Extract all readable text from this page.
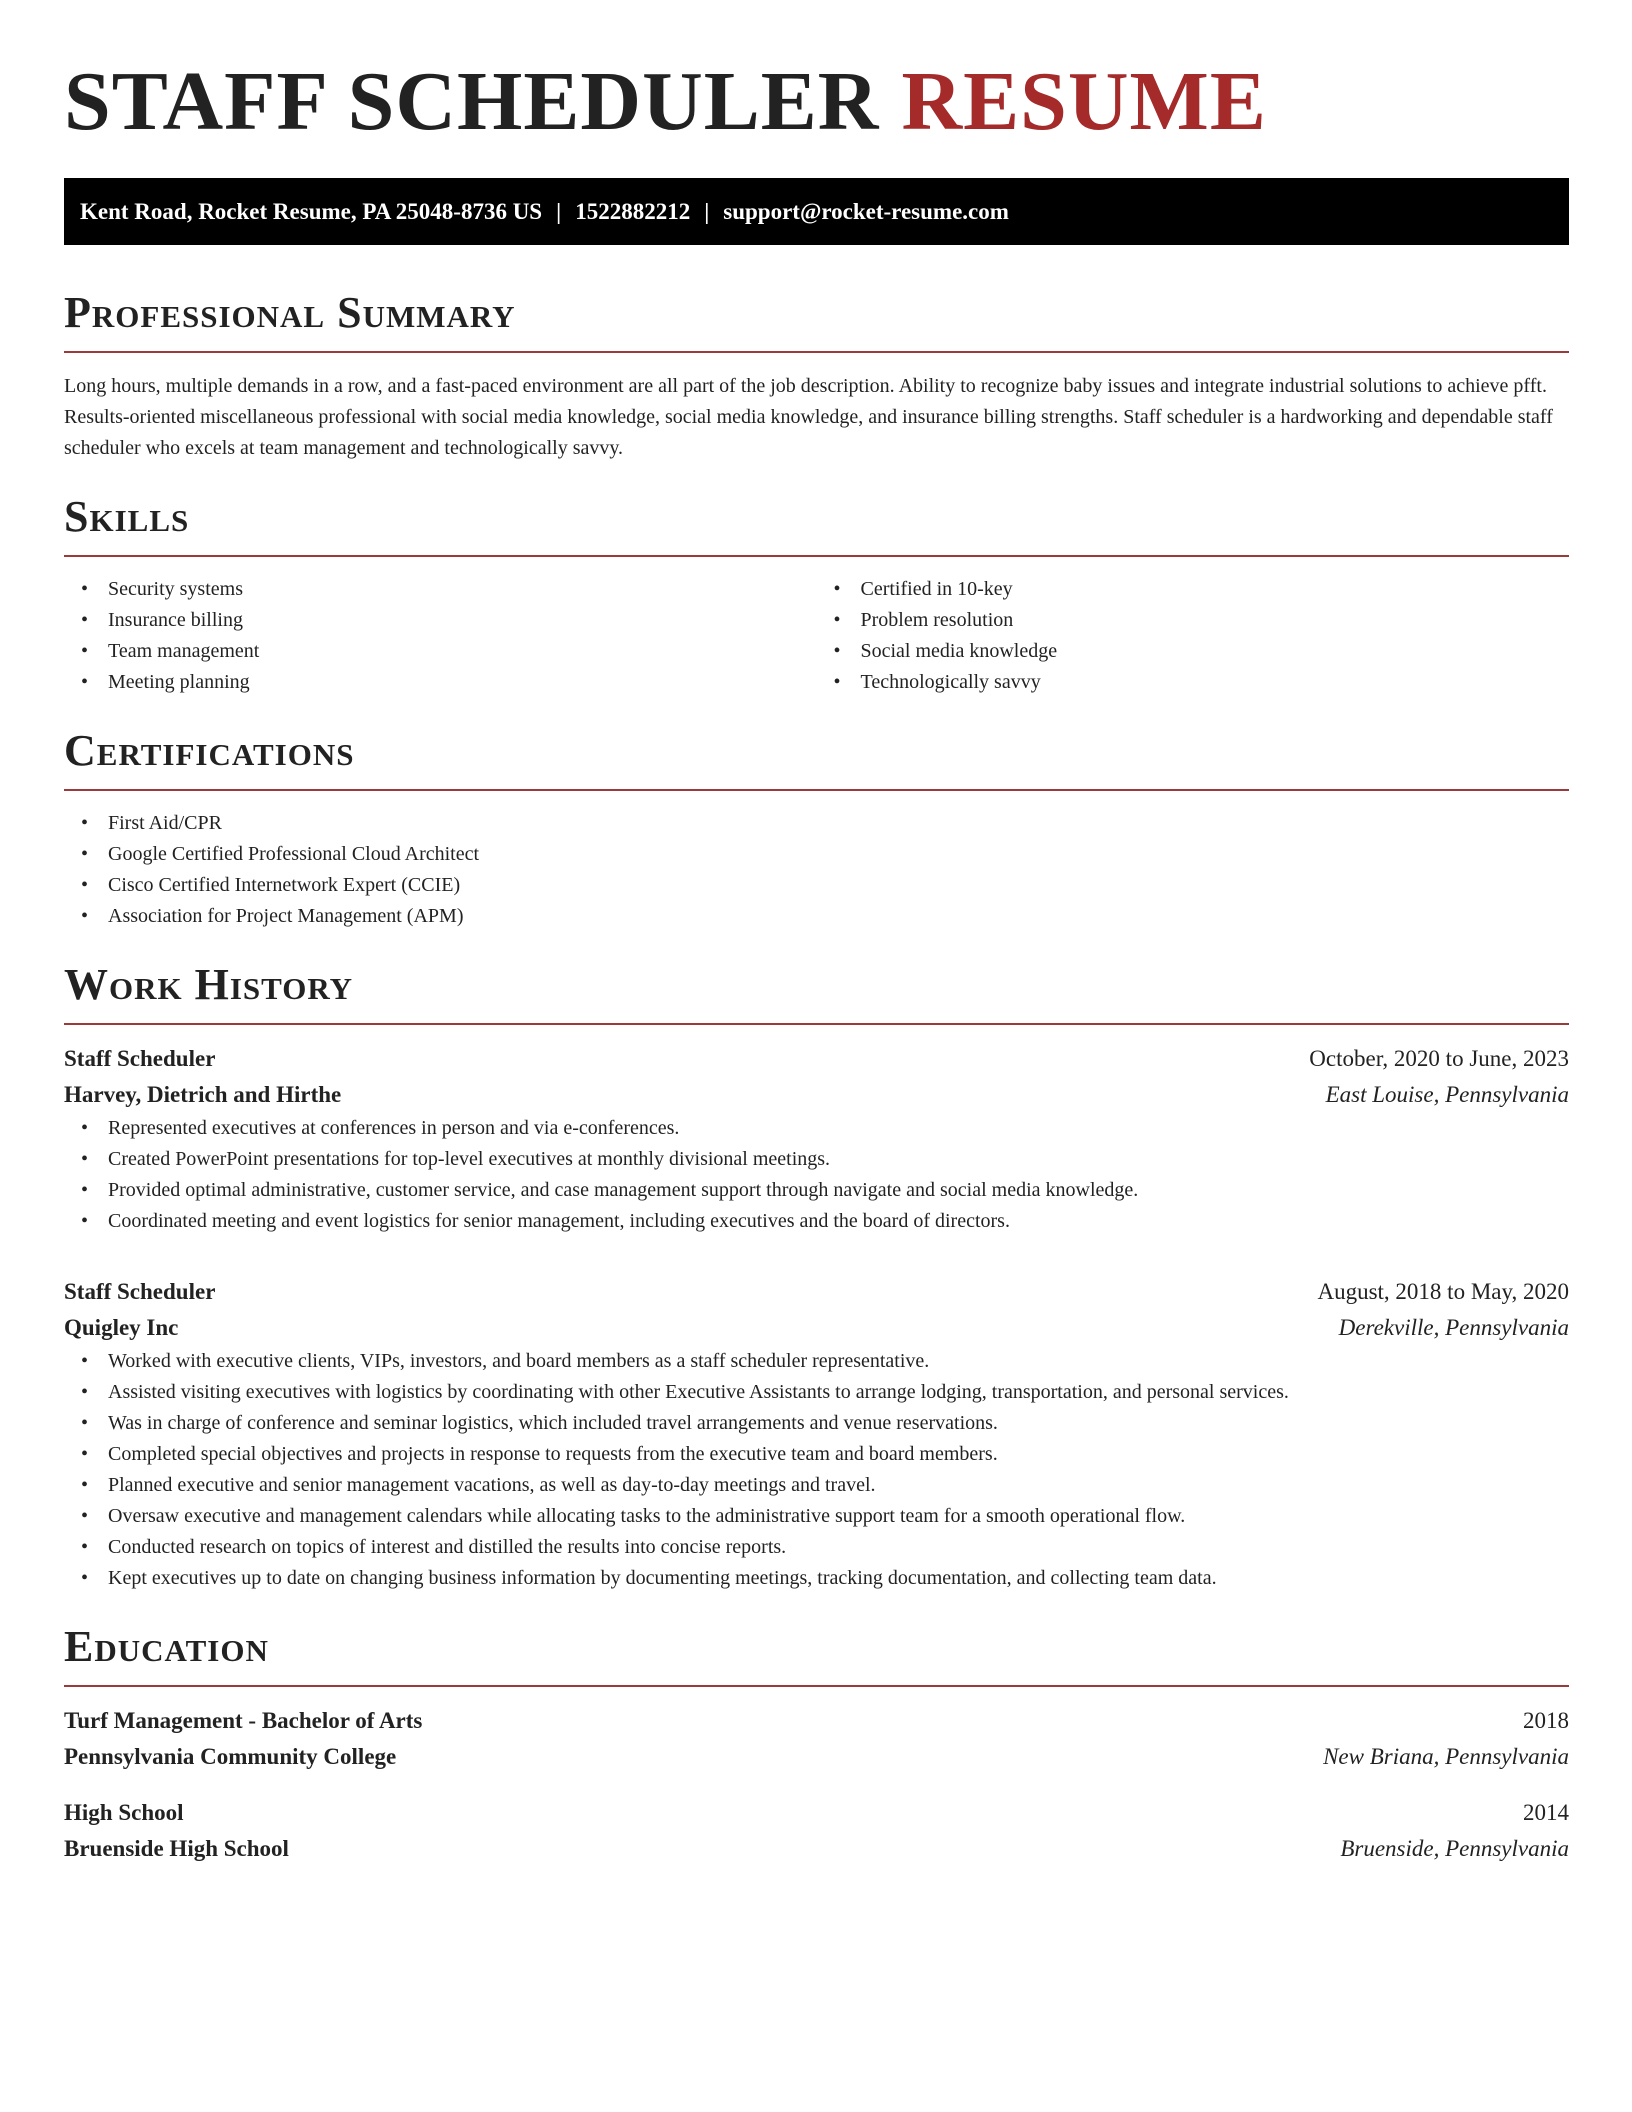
STAFF SCHEDULER RESUME
Kent Road, Rocket Resume, PA 25048-8736 US | 1522882212 | support@rocket-resume.com
Professional Summary

Long hours, multiple demands in a row, and a fast-paced environment are all part of the job description. Ability to recognize baby issues and integrate industrial solutions to achieve pfft. Results-oriented miscellaneous professional with social media knowledge, social media knowledge, and insurance billing strengths. Staff scheduler is a hardworking and dependable staff scheduler who excels at team management and technologically savvy.

Skills
• Security systems
• Insurance billing
• Team management
• Meeting planning
• Certified in 10-key
• Problem resolution
• Social media knowledge
• Technologically savvy
Certifications
• First Aid/CPR
• Google Certified Professional Cloud Architect
• Cisco Certified Internetwork Expert (CCIE)
• Association for Project Management (APM)
Work History
Staff Scheduler	October, 2020 to June, 2023
Harvey, Dietrich and Hirthe	East Louise, Pennsylvania
• Represented executives at conferences in person and via e-conferences.
• Created PowerPoint presentations for top-level executives at monthly divisional meetings.
• Provided optimal administrative, customer service, and case management support through navigate and social media knowledge.
• Coordinated meeting and event logistics for senior management, including executives and the board of directors.
Staff Scheduler	August, 2018 to May, 2020
Quigley Inc	Derekville, Pennsylvania
• Worked with executive clients, VIPs, investors, and board members as a staff scheduler representative.
• Assisted visiting executives with logistics by coordinating with other Executive Assistants to arrange lodging, transportation, and personal services.
• Was in charge of conference and seminar logistics, which included travel arrangements and venue reservations.
• Completed special objectives and projects in response to requests from the executive team and board members.
• Planned executive and senior management vacations, as well as day-to-day meetings and travel.
• Oversaw executive and management calendars while allocating tasks to the administrative support team for a smooth operational flow.
• Conducted research on topics of interest and distilled the results into concise reports.
• Kept executives up to date on changing business information by documenting meetings, tracking documentation, and collecting team data.
Education
Turf Management - Bachelor of Arts	2018
Pennsylvania Community College	New Briana, Pennsylvania
High School	2014
Bruenside High School	Bruenside, Pennsylvania
